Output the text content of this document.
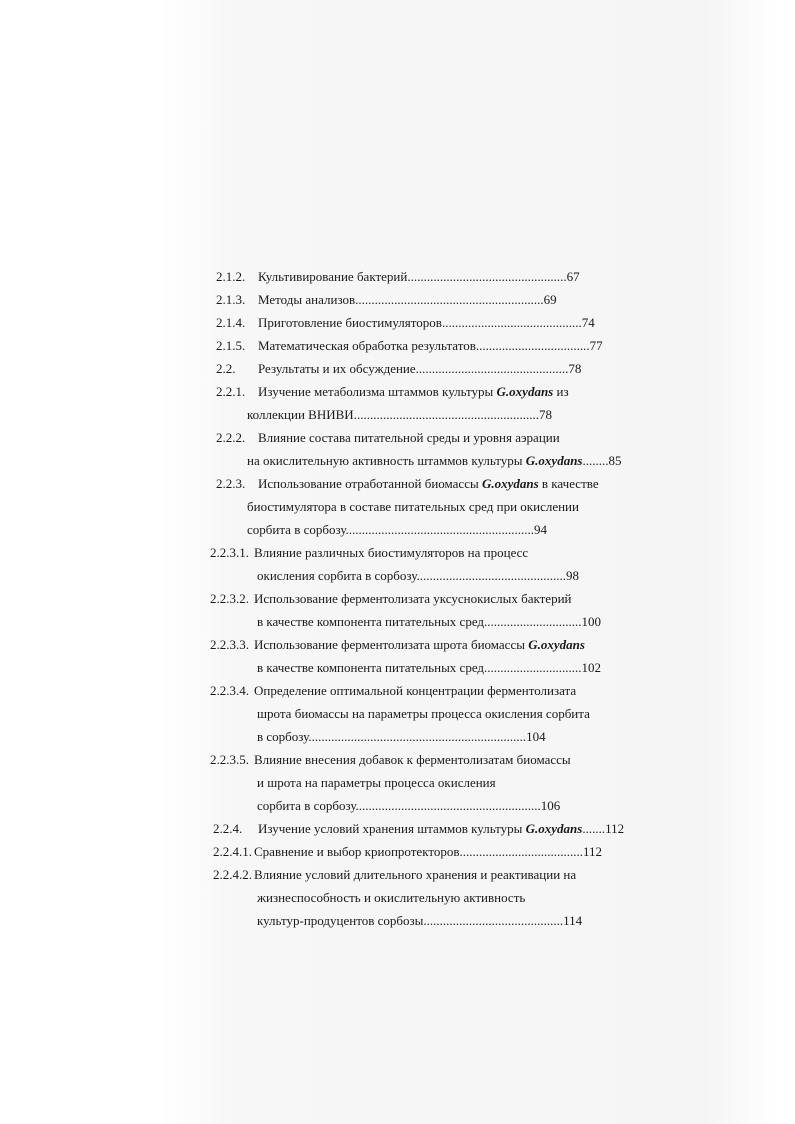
2.1.2. Культивирование бактерий.................................................67
2.1.3. Методы анализов..........................................................69
2.1.4. Приготовление биостимуляторов...........................................74
2.1.5. Математическая обработка результатов...................................77
2.2. Результаты и их обсуждение...............................................78
2.2.1. Изучение метаболизма штаммов культуры G.oxydans из
коллекции ВНИВИ.........................................................78
2.2.2. Влияние состава питательной среды и уровня аэрации
на окислительную активность штаммов культуры G.oxydans........85
2.2.3. Использование отработанной биомассы G.oxydans в качестве
биостимулятора в составе питательных сред при окислении
сорбита в сорбозу..........................................................94
2.2.3.1. Влияние различных биостимуляторов на процесс
окисления сорбита в сорбозу..............................................98
2.2.3.2. Использование ферментолизата уксуснокислых бактерий
в качестве компонента питательных сред..............................100
2.2.3.3. Использование ферментолизата шрота биомассы G.oxydans
в качестве компонента питательных сред..............................102
2.2.3.4. Определение оптимальной концентрации ферментолизата
шрота биомассы на параметры процесса окисления сорбита
в сорбозу...................................................................104
2.2.3.5. Влияние внесения добавок к ферментолизатам биомассы
и шрота на параметры процесса окисления
сорбита в сорбозу.........................................................106
2.2.4. Изучение условий хранения штаммов культуры G.oxydans.......112
2.2.4.1. Сравнение и выбор криопротекторов......................................112
2.2.4.2. Влияние условий длительного хранения и реактивации на
жизнеспособность и окислительную активность
культур-продуцентов сорбозы...........................................114
